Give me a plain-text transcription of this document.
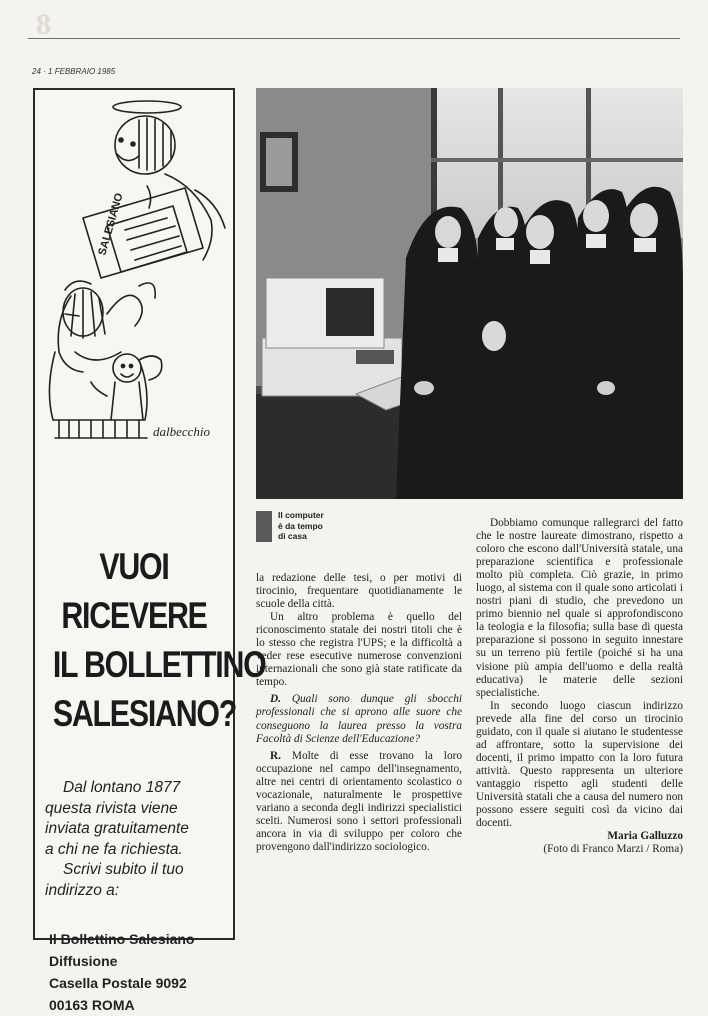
8
24 · 1 FEBBRAIO 1985
SALESIANO
dalbecchio
VUOI
RICEVERE
IL BOLLETTINO
SALESIANO?
Dal lontano 1877
questa rivista viene
inviata gratuitamente
a chi ne fa richiesta.
Scrivi subito il tuo
indirizzo a:
Il Bollettino Salesiano
Diffusione
Casella Postale 9092
00163 ROMA
Il computer
è da tempo
di casa

la redazione delle tesi, o per motivi di tirocinio, frequentare quotidianamente le scuole della città.

Un altro problema è quello del riconoscimento statale dei nostri titoli che è lo stesso che registra l'UPS; e la difficoltà a veder rese esecutive numerose convenzioni internazionali che sono già state ratificate da tempo.

D. Quali sono dunque gli sbocchi professionali che si aprono alle suore che conseguono la laurea presso la vostra Facoltà di Scienze dell'Educazione?

R. Molte di esse trovano la loro occupazione nel campo dell'insegnamento, altre nei centri di orientamento scolastico o vocazionale, naturalmente le prospettive variano a seconda degli indirizzi specialistici scelti. Numerosi sono i settori professionali ancora in via di sviluppo per coloro che provengono dall'indirizzo sociologico.

Dobbiamo comunque rallegrarci del fatto che le nostre laureate dimostrano, rispetto a coloro che escono dall'Università statale, una preparazione scientifica e professionale molto più completa. Ciò grazie, in primo luogo, al sistema con il quale sono articolati i nostri piani di studio, che prevedono un primo biennio nel quale si approfondiscono la teologia e la filosofia; sulla base di questa preparazione si possono in seguito innestare su un terreno più fertile (poiché si ha una visione più ampia dell'uomo e della realtà educativa) le materie delle sezioni specialistiche.

In secondo luogo ciascun indirizzo prevede alla fine del corso un tirocinio guidato, con il quale si aiutano le studentesse ad affrontare, sotto la supervisione dei docenti, il primo impatto con la loro futura attività. Questo rappresenta un ulteriore vantaggio rispetto agli studenti delle Università statali che a causa del numero non possono essere seguiti così da vicino dai docenti.

Maria Galluzzo

(Foto di Franco Marzi / Roma)
